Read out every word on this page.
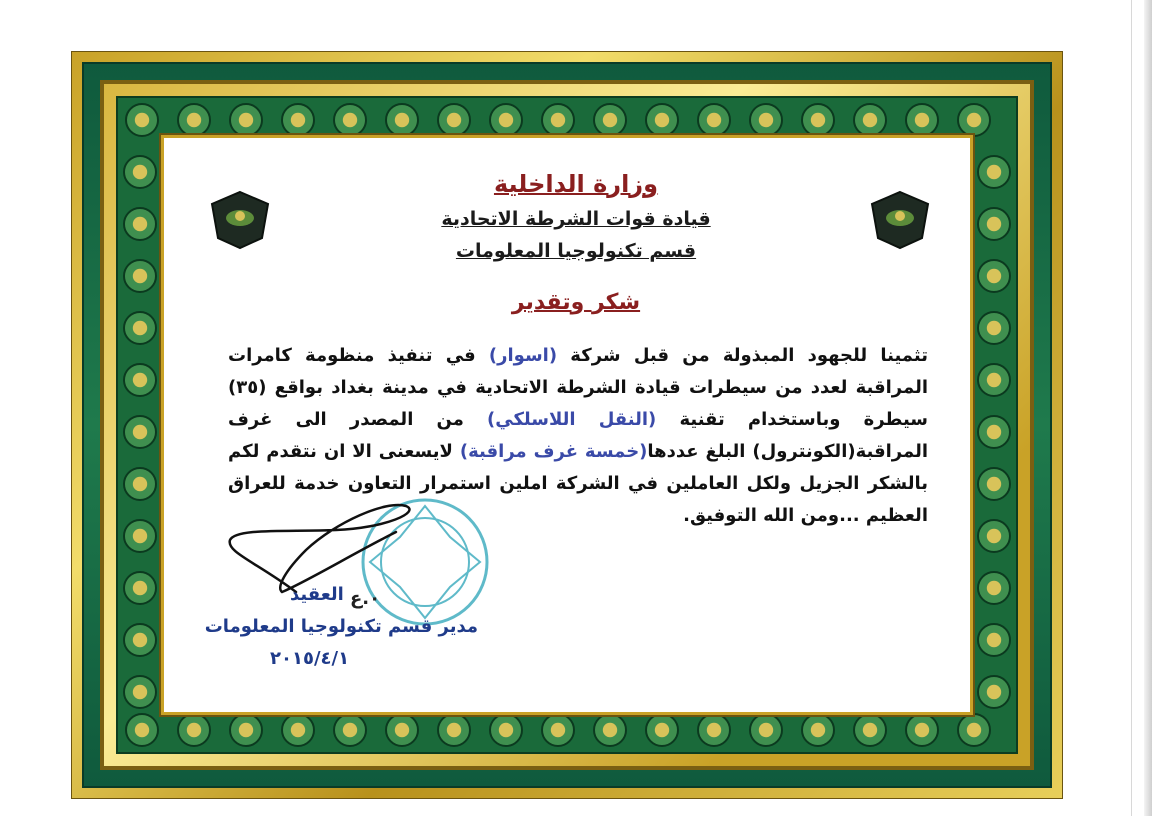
وزارة الداخلية
قيادة قوات الشرطة الاتحادية
قسم تكنولوجيا المعلومات
شكر وتقدير
تثمينا للجهود المبذولة من قبل شركة (اسوار) في تنفيذ منظومة كامرات المراقبة لعدد من سيطرات قيادة الشرطة الاتحادية في مدينة بغداد بواقع (٣٥) سيطرة وباستخدام تقنية (النقل اللاسلكي) من المصدر الى غرف المراقبة(الكونترول) البلغ عددها(خمسة غرف مراقبة) لايسعنى الا ان نتقدم لكم بالشكر الجزيل ولكل العاملين في الشركة املين استمرار التعاون خدمة للعراق العظيم ...ومن الله التوفيق.
٠.ع
العقيد
مدير قسم تكنولوجيا المعلومات
٢٠١٥/٤/١
